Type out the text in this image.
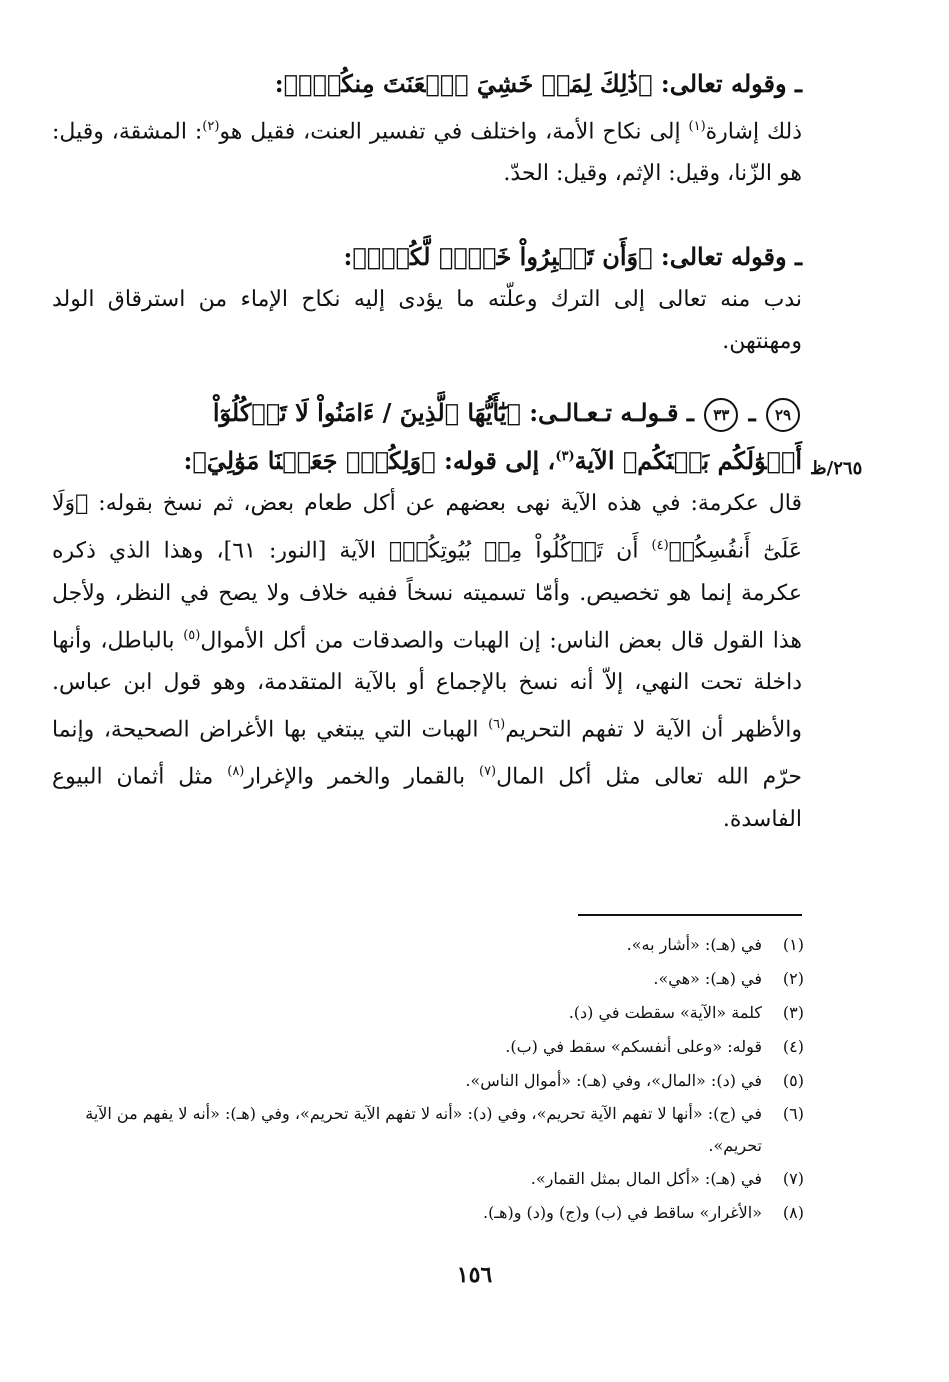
ـ وقوله تعالى: ﴿ذَٰلِكَ لِمَنۡ خَشِيَ ٱلۡعَنَتَ مِنكُمۡۚ﴾:

ذلك إشارة$^{(١)}$ إلى نكاح الأمة، واختلف في تفسير العنت، فقيل هو$^{(٢)}$: المشقة، وقيل: هو الزّنا، وقيل: الإثم، وقيل: الحدّ.

ـ وقوله تعالى: ﴿وَأَن تَصۡبِرُواْ خَيۡرٞ لَّكُمۡۗ﴾:

ندب منه تعالى إلى الترك وعلّته ما يؤدى إليه نكاح الإماء من استرقاق الولد ومهنتهن.

٢٩ ـ ٣٣ ـ قـولـه تـعـالـى: ﴿يَٰٓأَيُّهَا ٱلَّذِينَ / ءَامَنُواْ لَا تَأۡكُلُوٓاْ

أَمۡوَٰلَكُم بَيۡنَكُم﴾ الآية$^{(٣)}$، إلى قوله: ﴿وَلِكُلّٖ جَعَلۡنَا مَوَٰلِيَ﴾:

قال عكرمة: في هذه الآية نهى بعضهم عن أكل طعام بعض، ثم نسخ بقوله: ﴿وَلَا عَلَىٰٓ أَنفُسِكُمۡ$^{(٤)}$ أَن تَأۡكُلُواْ مِنۢ بُيُوتِكُمۡ﴾ الآية [النور: ٦١]، وهذا الذي ذكره عكرمة إنما هو تخصيص. وأمّا تسميته نسخاً ففيه خلاف ولا يصح في النظر، ولأجل هذا القول قال بعض الناس: إن الهبات والصدقات من أكل الأموال$^{(٥)}$ بالباطل، وأنها داخلة تحت النهي، إلاّ أنه نسخ بالإجماع أو بالآية المتقدمة، وهو قول ابن عباس. والأظهر أن الآية لا تفهم التحريم$^{(٦)}$ الهبات التي يبتغي بها الأغراض الصحيحة، وإنما حرّم الله تعالى مثل أكل المال$^{(٧)}$ بالقمار والخمر والإغرار$^{(٨)}$ مثل أثمان البيوع الفاسدة.

٢٦٥/ظ

(١)
في (هـ): «أشار به».

(٢)
في (هـ): «هي».

(٣)
كلمة «الآية» سقطت في (د).

(٤)
قوله: «وعلى أنفسكم» سقط في (ب).

(٥)
في (د): «المال»، وفي (هـ): «أموال الناس».

(٦)
في (ج): «أنها لا تفهم الآية تحريم»، وفي (د): «أنه لا تفهم الآية تحريم»، وفي (هـ): «أنه لا يفهم من الآية تحريم».

(٧)
في (هـ): «أكل المال بمثل القمار».

(٨)
«الأغرار» ساقط في (ب) و(ج) و(د) و(هـ).

١٥٦
